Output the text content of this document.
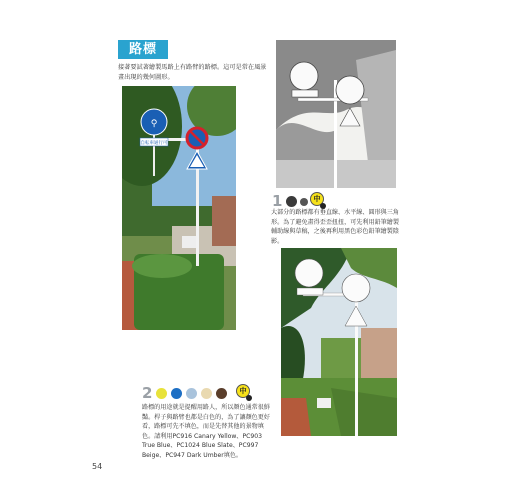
路標
接著要試著繪製馬路上有路臂的路標。這可是常在風景畫出現的幾何圖形。
⚲
自転車通行可
1	中
大部分的路標都有垂直線、水平線、圓形與三角形。為了避免畫得歪歪扭扭，可先利用鉛筆繪製輔助線與草稿，之後再利用黑色彩色鉛筆繪製陰影。
2	中
路標的用途就是提醒用路人，所以顏色通常很鮮豔。桿子與路臂也都是白色的，為了讓顏色更好看，路標可先不填色，而是先替其他的景物填色。請利用PC916 Canary Yellow、PC903 True Blue、PC1024 Blue Slate、PC997 Beige、PC947 Dark Umber填色。
54
